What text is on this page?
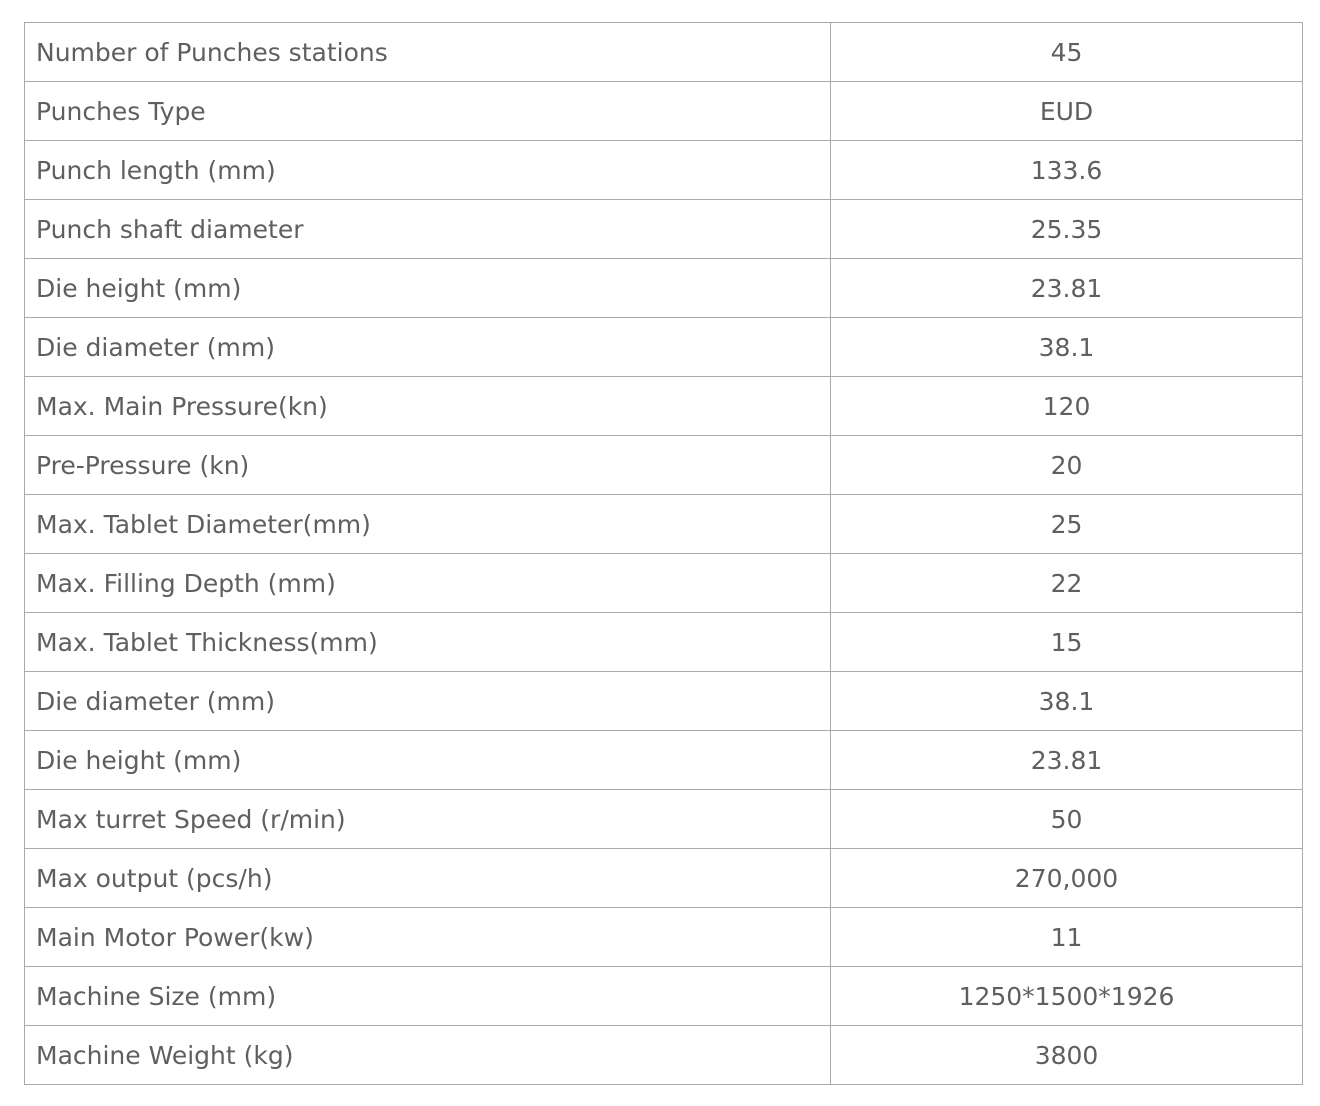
Number of Punches stations	45
Punches Type	EUD
Punch length (mm)	133.6
Punch shaft diameter	25.35
Die height (mm)	23.81
Die diameter (mm)	38.1
Max. Main Pressure(kn)	120
Pre-Pressure (kn)	20
Max. Tablet Diameter(mm)	25
Max. Filling Depth (mm)	22
Max. Tablet Thickness(mm)	15
Die diameter (mm)	38.1
Die height (mm)	23.81
Max turret Speed (r/min)	50
Max output (pcs/h)	270,000
Main Motor Power(kw)	11
Machine Size (mm)	1250*1500*1926
Machine Weight (kg)	3800
